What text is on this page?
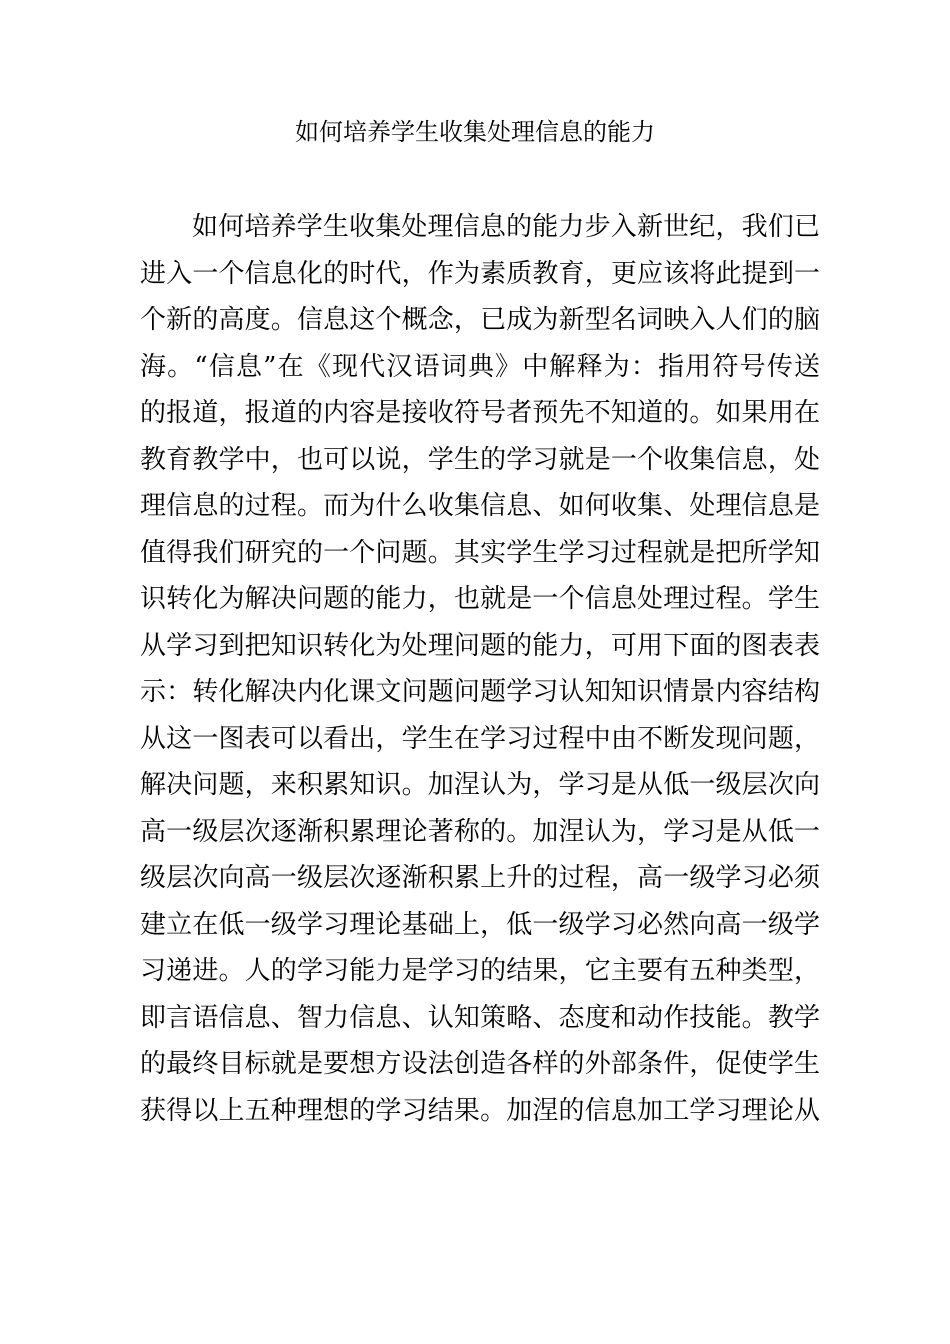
如何培养学生收集处理信息的能力
如何培养学生收集处理信息的能力步入新世纪，我们已
进入一个信息化的时代，作为素质教育，更应该将此提到一
个新的高度。信息这个概念，已成为新型名词映入人们的脑
海。“信息”在《现代汉语词典》中解释为：指用符号传送
的报道，报道的内容是接收符号者预先不知道的。如果用在
教育教学中，也可以说，学生的学习就是一个收集信息，处
理信息的过程。而为什么收集信息、如何收集、处理信息是
值得我们研究的一个问题。其实学生学习过程就是把所学知
识转化为解决问题的能力，也就是一个信息处理过程。学生
从学习到把知识转化为处理问题的能力，可用下面的图表表
示：转化解决内化课文问题问题学习认知知识情景内容结构
从这一图表可以看出，学生在学习过程中由不断发现问题，
解决问题，来积累知识。加涅认为，学习是从低一级层次向
高一级层次逐渐积累理论著称的。加涅认为，学习是从低一
级层次向高一级层次逐渐积累上升的过程，高一级学习必须
建立在低一级学习理论基础上，低一级学习必然向高一级学
习递进。人的学习能力是学习的结果，它主要有五种类型，
即言语信息、智力信息、认知策略、态度和动作技能。教学
的最终目标就是要想方设法创造各样的外部条件，促使学生
获得以上五种理想的学习结果。加涅的信息加工学习理论从
